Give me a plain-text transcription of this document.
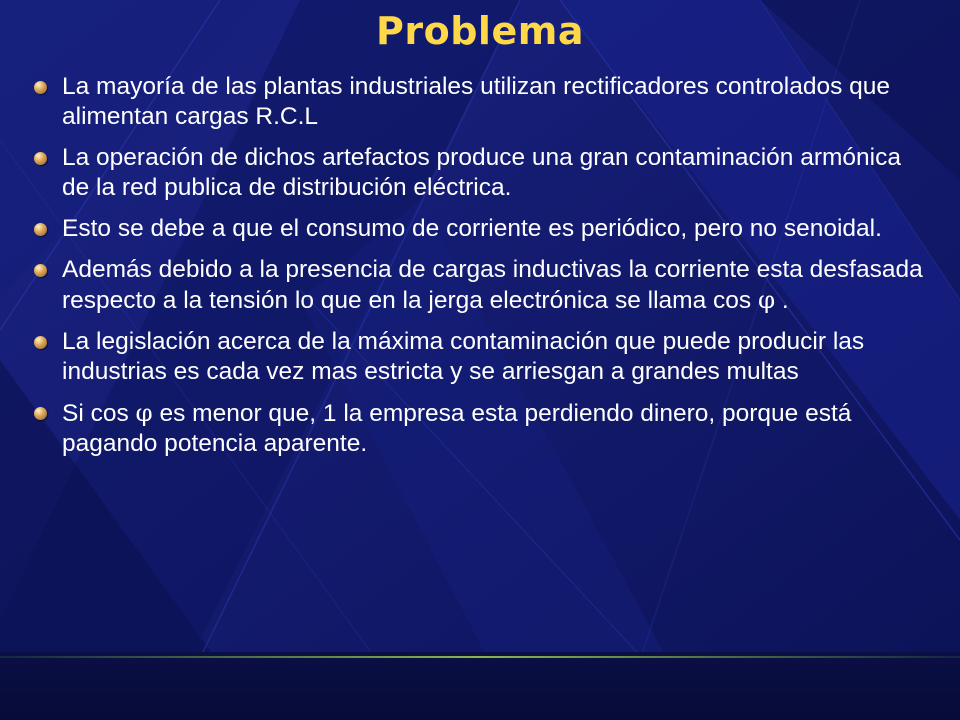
Problema
La mayoría de las plantas industriales utilizan rectificadores controlados que alimentan cargas R.C.L
La operación de dichos artefactos produce una gran contaminación armónica de la red publica de distribución eléctrica.
Esto se debe a que el consumo de corriente es periódico, pero no senoidal.
Además debido a la presencia de cargas inductivas la corriente esta desfasada respecto a la tensión lo que en la jerga electrónica se llama cos φ .
La legislación acerca de la máxima contaminación que puede producir las industrias es cada vez mas estricta y se arriesgan a grandes multas
Si cos φ es menor que, 1 la empresa esta perdiendo dinero, porque está pagando potencia aparente.
